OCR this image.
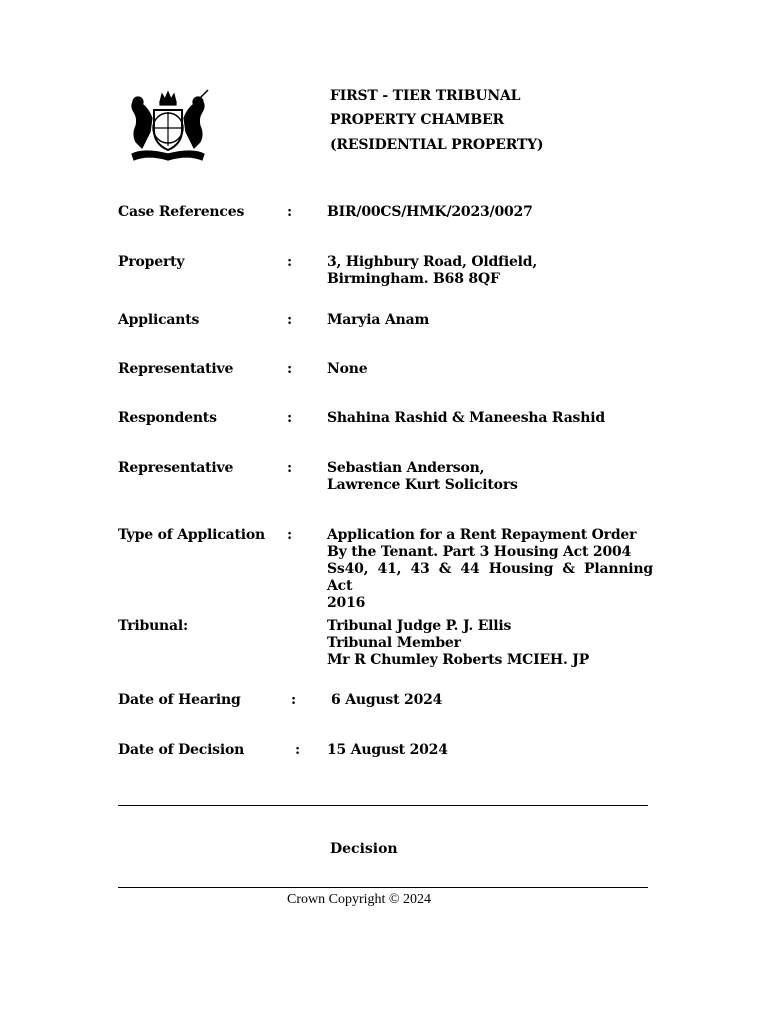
FIRST - TIER TRIBUNAL
PROPERTY CHAMBER
(RESIDENTIAL PROPERTY)
Case References	: BIR/00CS/HMK/2023/0027
Property	: 3, Highbury Road, Oldfield,
Birmingham. B68 8QF
Applicants	: Maryia Anam
Representative	: None
Respondents	: Shahina Rashid & Maneesha Rashid
Representative	: Sebastian Anderson,
Lawrence Kurt Solicitors
Type of Application : Application for a Rent Repayment Order
By the Tenant. Part 3 Housing Act 2004
Ss40, 41, 43 & 44 Housing & Planning Act
2016
Tribunal:	Tribunal Judge P. J. Ellis
Tribunal Member
Mr R Chumley Roberts MCIEH. JP
Date of Hearing	: 6 August 2024
Date of Decision	: 15 August 2024
Decision
Crown Copyright © 2024
